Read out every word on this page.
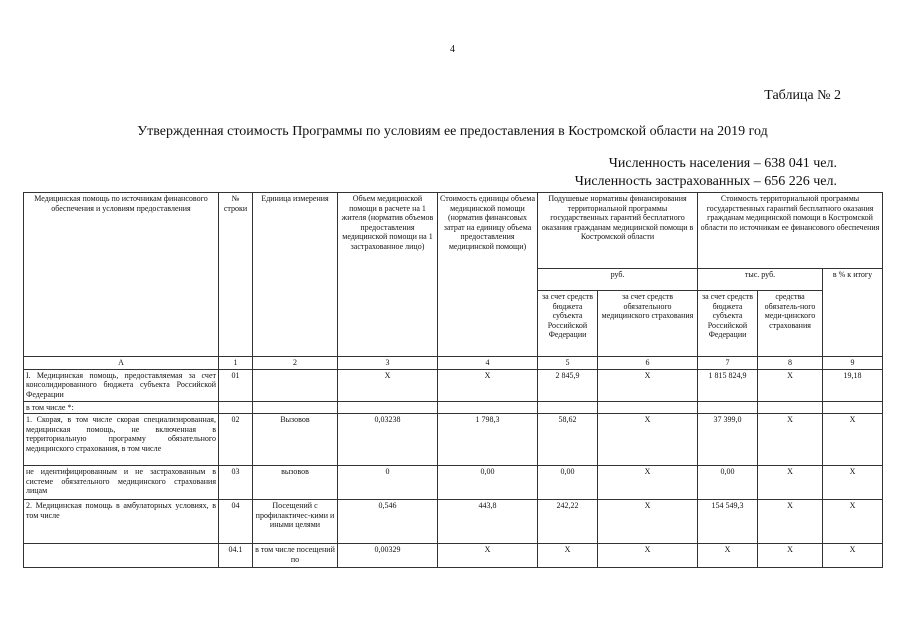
4
Таблица № 2
Утвержденная стоимость Программы по условиям ее предоставления в Костромской области на 2019 год
Численность населения – 638 041 чел.
Численность застрахованных – 656 226 чел.
Медицинская помощь по источникам финансового обеспечения и условиям предоставления	№ строки	Единица измерения	Объем медицинской помощи в расчете на 1 жителя (норматив объемов предоставления медицинской помощи на 1 застрахованное лицо)	Стоимость единицы объема медицинской помощи (норматив финансовых затрат на единицу объема предоставления медицинской помощи)	Подушевые нормативы финансирования территориальной программы государственных гарантий бесплатного оказания гражданам медицинской помощи в Костромской области		Стоимость территориальной программы государственных гарантий бесплатного оказания гражданам медицинской помощи в Костромской области по источникам ее финансового обеспечения		
					руб.		тыс. руб.		в % к итогу
					за счет средств бюджета субъекта Российской Федерации	за счет средств обязательного медицинского страхования	за счет средств бюджета субъекта Российской Федерации	средства обязатель-ного меди-цинского страхования	
А	1	2	3	4	5	6	7	8	9
I. Медицинская помощь, предоставляемая за счет консолидированного бюджета субъекта Российской Федерации	01		Х	Х	2 845,9	Х	1 815 824,9	Х	19,18
в том числе *:									
1. Скорая, в том числе скорая специализированная, медицинская помощь, не включенная в территориальную программу обязательного медицинского страхования, в том числе	02	Вызовов	0,03238	1 798,3	58,62	Х	37 399,0	Х	Х
не идентифицированным и не застрахованным в системе обязательного медицинского страхования лицам	03	вызовов	0	0,00	0,00	Х	0,00	Х	Х
2. Медицинская помощь в амбулаторных условиях, в том числе	04	Посещений с профилактичес-кими и иными целями	0,546	443,8	242,22	Х	154 549,3	Х	Х
	04.1	в том числе посещений по	0,00329	Х	Х	Х	Х	Х	Х
